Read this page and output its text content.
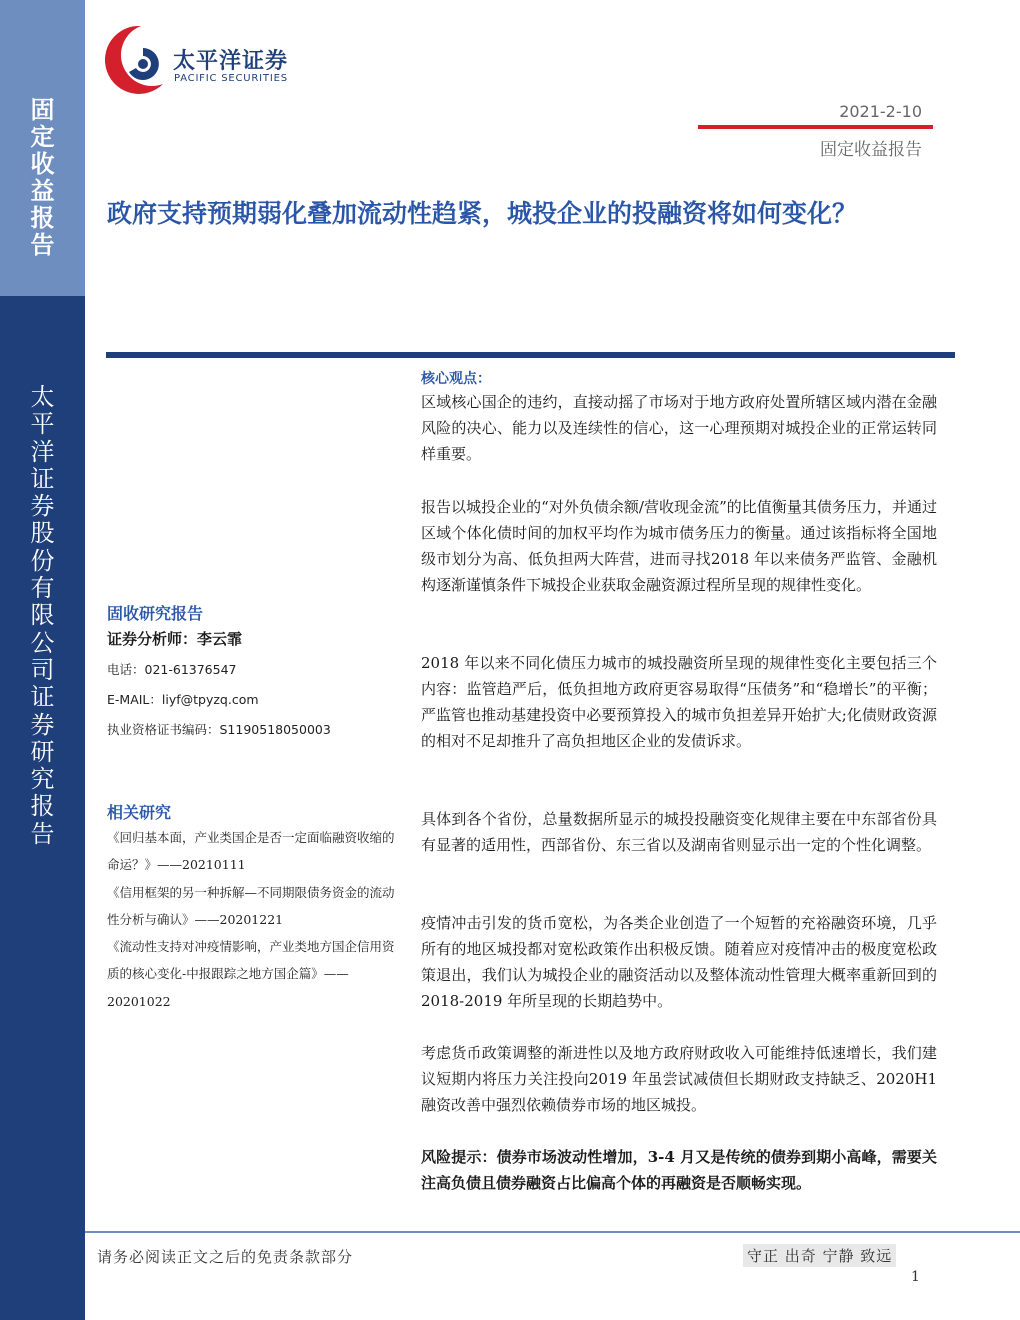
固
定
收
益
报
告
太
平
洋
证
券
股
份
有
限
公
司
证
券
研
究
报
告
太平洋证券
PACIFIC SECURITIES
2021-2-10
固定收益报告
政府支持预期弱化叠加流动性趋紧，城投企业的投融资将如何变化？
固收研究报告
证券分析师：李云霏
电话：021-61376547
E-MAIL：liyf@tpyzq.com
执业资格证书编码：S1190518050003
相关研究
《回归基本面，产业类国企是否一定面临融资收缩的命运？》——20210111
《信用框架的另一种拆解—不同期限债务资金的流动性分析与确认》——20201221
《流动性支持对冲疫情影响，产业类地方国企信用资质的核心变化-中报跟踪之地方国企篇》——20201022
核心观点：
区域核心国企的违约，直接动摇了市场对于地方政府处置所辖区域内潜在金融风险的决心、能力以及连续性的信心，这一心理预期对城投企业的正常运转同样重要。
报告以城投企业的“对外负债余额/营收现金流”的比值衡量其债务压力，并通过区域个体化债时间的加权平均作为城市债务压力的衡量。通过该指标将全国地级市划分为高、低负担两大阵营，进而寻找2018 年以来债务严监管、金融机构逐渐谨慎条件下城投企业获取金融资源过程所呈现的规律性变化。
2018 年以来不同化债压力城市的城投融资所呈现的规律性变化主要包括三个内容：监管趋严后，低负担地方政府更容易取得“压债务”和“稳增长”的平衡；严监管也推动基建投资中必要预算投入的城市负担差异开始扩大;化债财政资源的相对不足却推升了高负担地区企业的发债诉求。
具体到各个省份，总量数据所显示的城投投融资变化规律主要在中东部省份具有显著的适用性，西部省份、东三省以及湖南省则显示出一定的个性化调整。
疫情冲击引发的货币宽松，为各类企业创造了一个短暂的充裕融资环境，几乎所有的地区城投都对宽松政策作出积极反馈。随着应对疫情冲击的极度宽松政策退出，我们认为城投企业的融资活动以及整体流动性管理大概率重新回到的2018-2019 年所呈现的长期趋势中。
考虑货币政策调整的渐进性以及地方政府财政收入可能维持低速增长，我们建议短期内将压力关注投向2019 年虽尝试减债但长期财政支持缺乏、2020H1 融资改善中强烈依赖债券市场的地区城投。
风险提示：债券市场波动性增加，3-4 月又是传统的债券到期小高峰，需要关注高负债且债券融资占比偏高个体的再融资是否顺畅实现。
请务必阅读正文之后的免责条款部分	守正 出奇 宁静 致远
1
